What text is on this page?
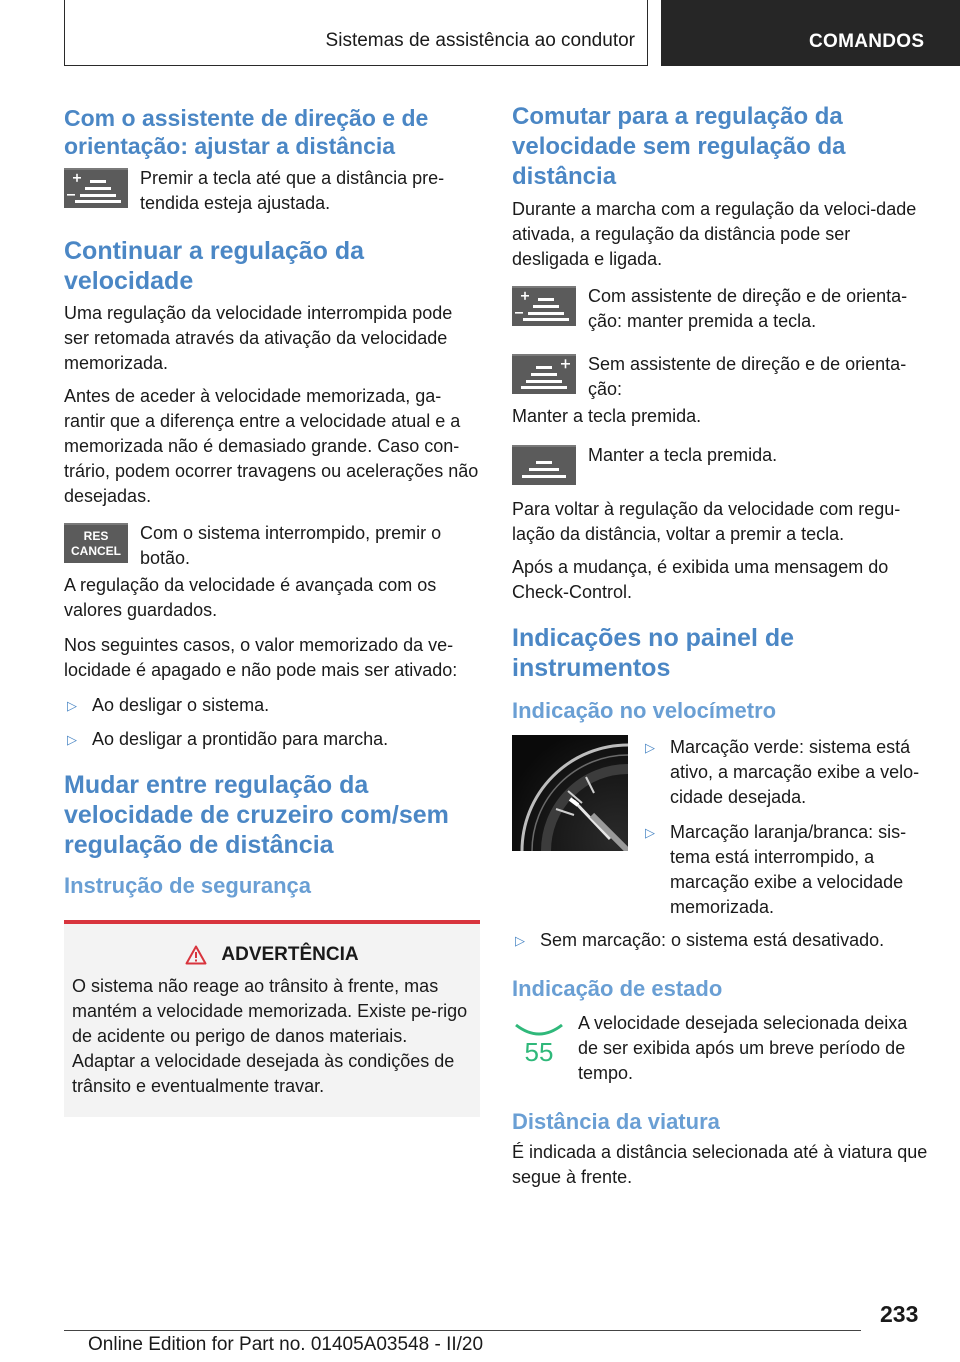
Sistemas de assistência ao condutor	COMANDOS
Com o assistente de direção e de orientação: ajustar a distância
Premir a tecla até que a distância pre-tendida esteja ajustada.
Continuar a regulação da velocidade
Uma regulação da velocidade interrompida pode ser retomada através da ativação da velocidade memorizada.
Antes de aceder à velocidade memorizada, ga-rantir que a diferença entre a velocidade atual e a memorizada não é demasiado grande. Caso con-trário, podem ocorrer travagens ou acelerações não desejadas.
RES
CANCEL
Com o sistema interrompido, premir o botão.
A regulação da velocidade é avançada com os valores guardados.
Nos seguintes casos, o valor memorizado da ve-locidade é apagado e não pode mais ser ativado:
▷ Ao desligar o sistema.
▷ Ao desligar a prontidão para marcha.
Mudar entre regulação da velocidade de cruzeiro com/sem regulação de distância
Instrução de segurança
ADVERTÊNCIA
O sistema não reage ao trânsito à frente, mas mantém a velocidade memorizada. Existe pe-rigo de acidente ou perigo de danos materiais. Adaptar a velocidade desejada às condições de trânsito e eventualmente travar.
Comutar para a regulação da velocidade sem regulação da distância
Durante a marcha com a regulação da veloci-dade ativada, a regulação da distância pode ser desligada e ligada.
Com assistente de direção e de orienta-ção: manter premida a tecla.
Sem assistente de direção e de orienta-ção:
Manter a tecla premida.
Manter a tecla premida.
Para voltar à regulação da velocidade com regu-lação da distância, voltar a premir a tecla.
Após a mudança, é exibida uma mensagem do Check-Control.
Indicações no painel de instrumentos
Indicação no velocímetro
▷ Marcação verde: sistema está ativo, a marcação exibe a velo-cidade desejada.
▷ Marcação laranja/branca: sis-tema está interrompido, a marcação exibe a velocidade memorizada.
▷ Sem marcação: o sistema está desativado.
Indicação de estado
55
A velocidade desejada selecionada deixa de ser exibida após um breve período de tempo.
Distância da viatura
É indicada a distância selecionada até à viatura que segue à frente.
233
Online Edition for Part no. 01405A03548 - II/20
